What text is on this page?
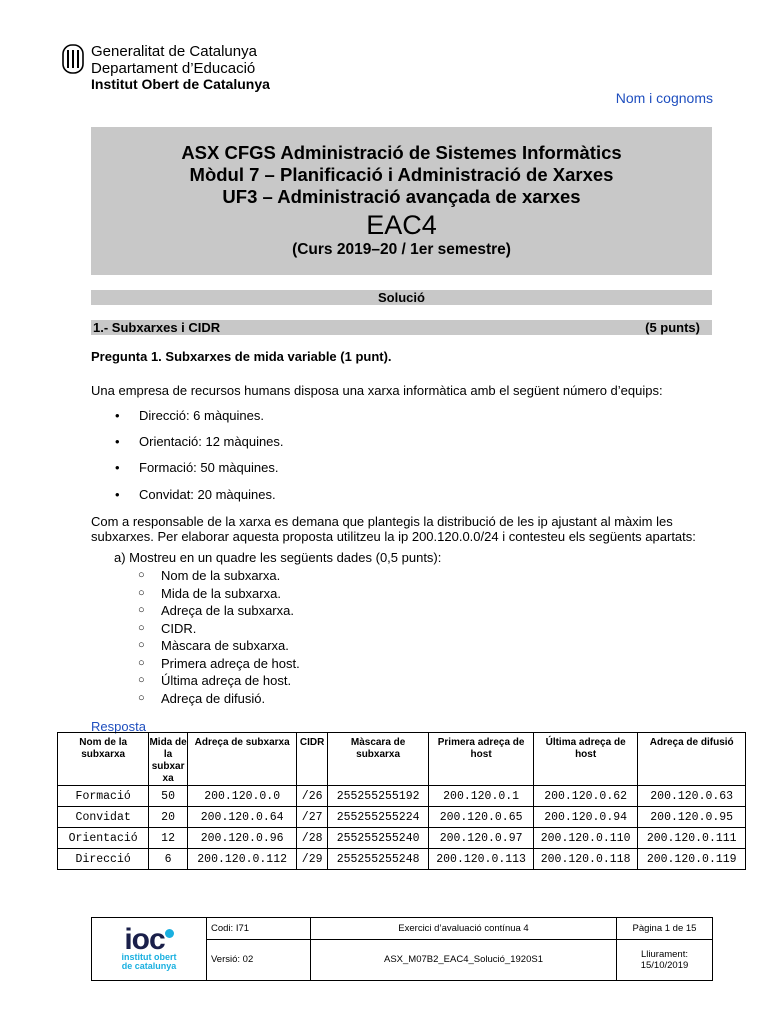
Generalitat de Catalunya
Departament d’Educació
Institut Obert de Catalunya
Nom i cognoms
ASX CFGS Administració de Sistemes Informàtics
Mòdul 7 – Planificació i Administració de Xarxes
UF3 – Administració avançada de xarxes
EAC4
(Curs 2019–20 / 1er semestre)
Solució
1.- Subxarxes i CIDR	(5 punts)
Pregunta 1. Subxarxes de mida variable (1 punt).
Una empresa de recursos humans disposa una xarxa informàtica amb el següent número d’equips:
• Direcció: 6 màquines.
• Orientació: 12 màquines.
• Formació: 50 màquines.
• Convidat: 20 màquines.
Com a responsable de la xarxa es demana que plantegis la distribució de les ip ajustant al màxim les subxarxes. Per elaborar aquesta proposta utilitzeu la ip 200.120.0.0/24 i contesteu els següents apartats:
a) Mostreu en un quadre les següents dades (0,5 punts):
○ Nom de la subxarxa.
○ Mida de la subxarxa.
○ Adreça de la subxarxa.
○ CIDR.
○ Màscara de subxarxa.
○ Primera adreça de host.
○ Última adreça de host.
○ Adreça de difusió.
Resposta
Nom de la subxarxa	Mida de la subxar xa	Adreça de subxarxa	CIDR	Màscara de subxarxa	Primera adreça de host	Última adreça de host	Adreça de difusió
Formació	50	200.120.0.0	/26	255255255192	200.120.0.1	200.120.0.62	200.120.0.63
Convidat	20	200.120.0.64	/27	255255255224	200.120.0.65	200.120.0.94	200.120.0.95
Orientació	12	200.120.0.96	/28	255255255240	200.120.0.97	200.120.0.110	200.120.0.111
Direcció	6	200.120.0.112	/29	255255255248	200.120.0.113	200.120.0.118	200.120.0.119
ioc
institut obert
de catalunya	Codi: I71	Exercici d’avaluació contínua 4	Pàgina 1 de 15
	Versió: 02	ASX_M07B2_EAC4_Solució_1920S1	Lliurament:
15/10/2019
